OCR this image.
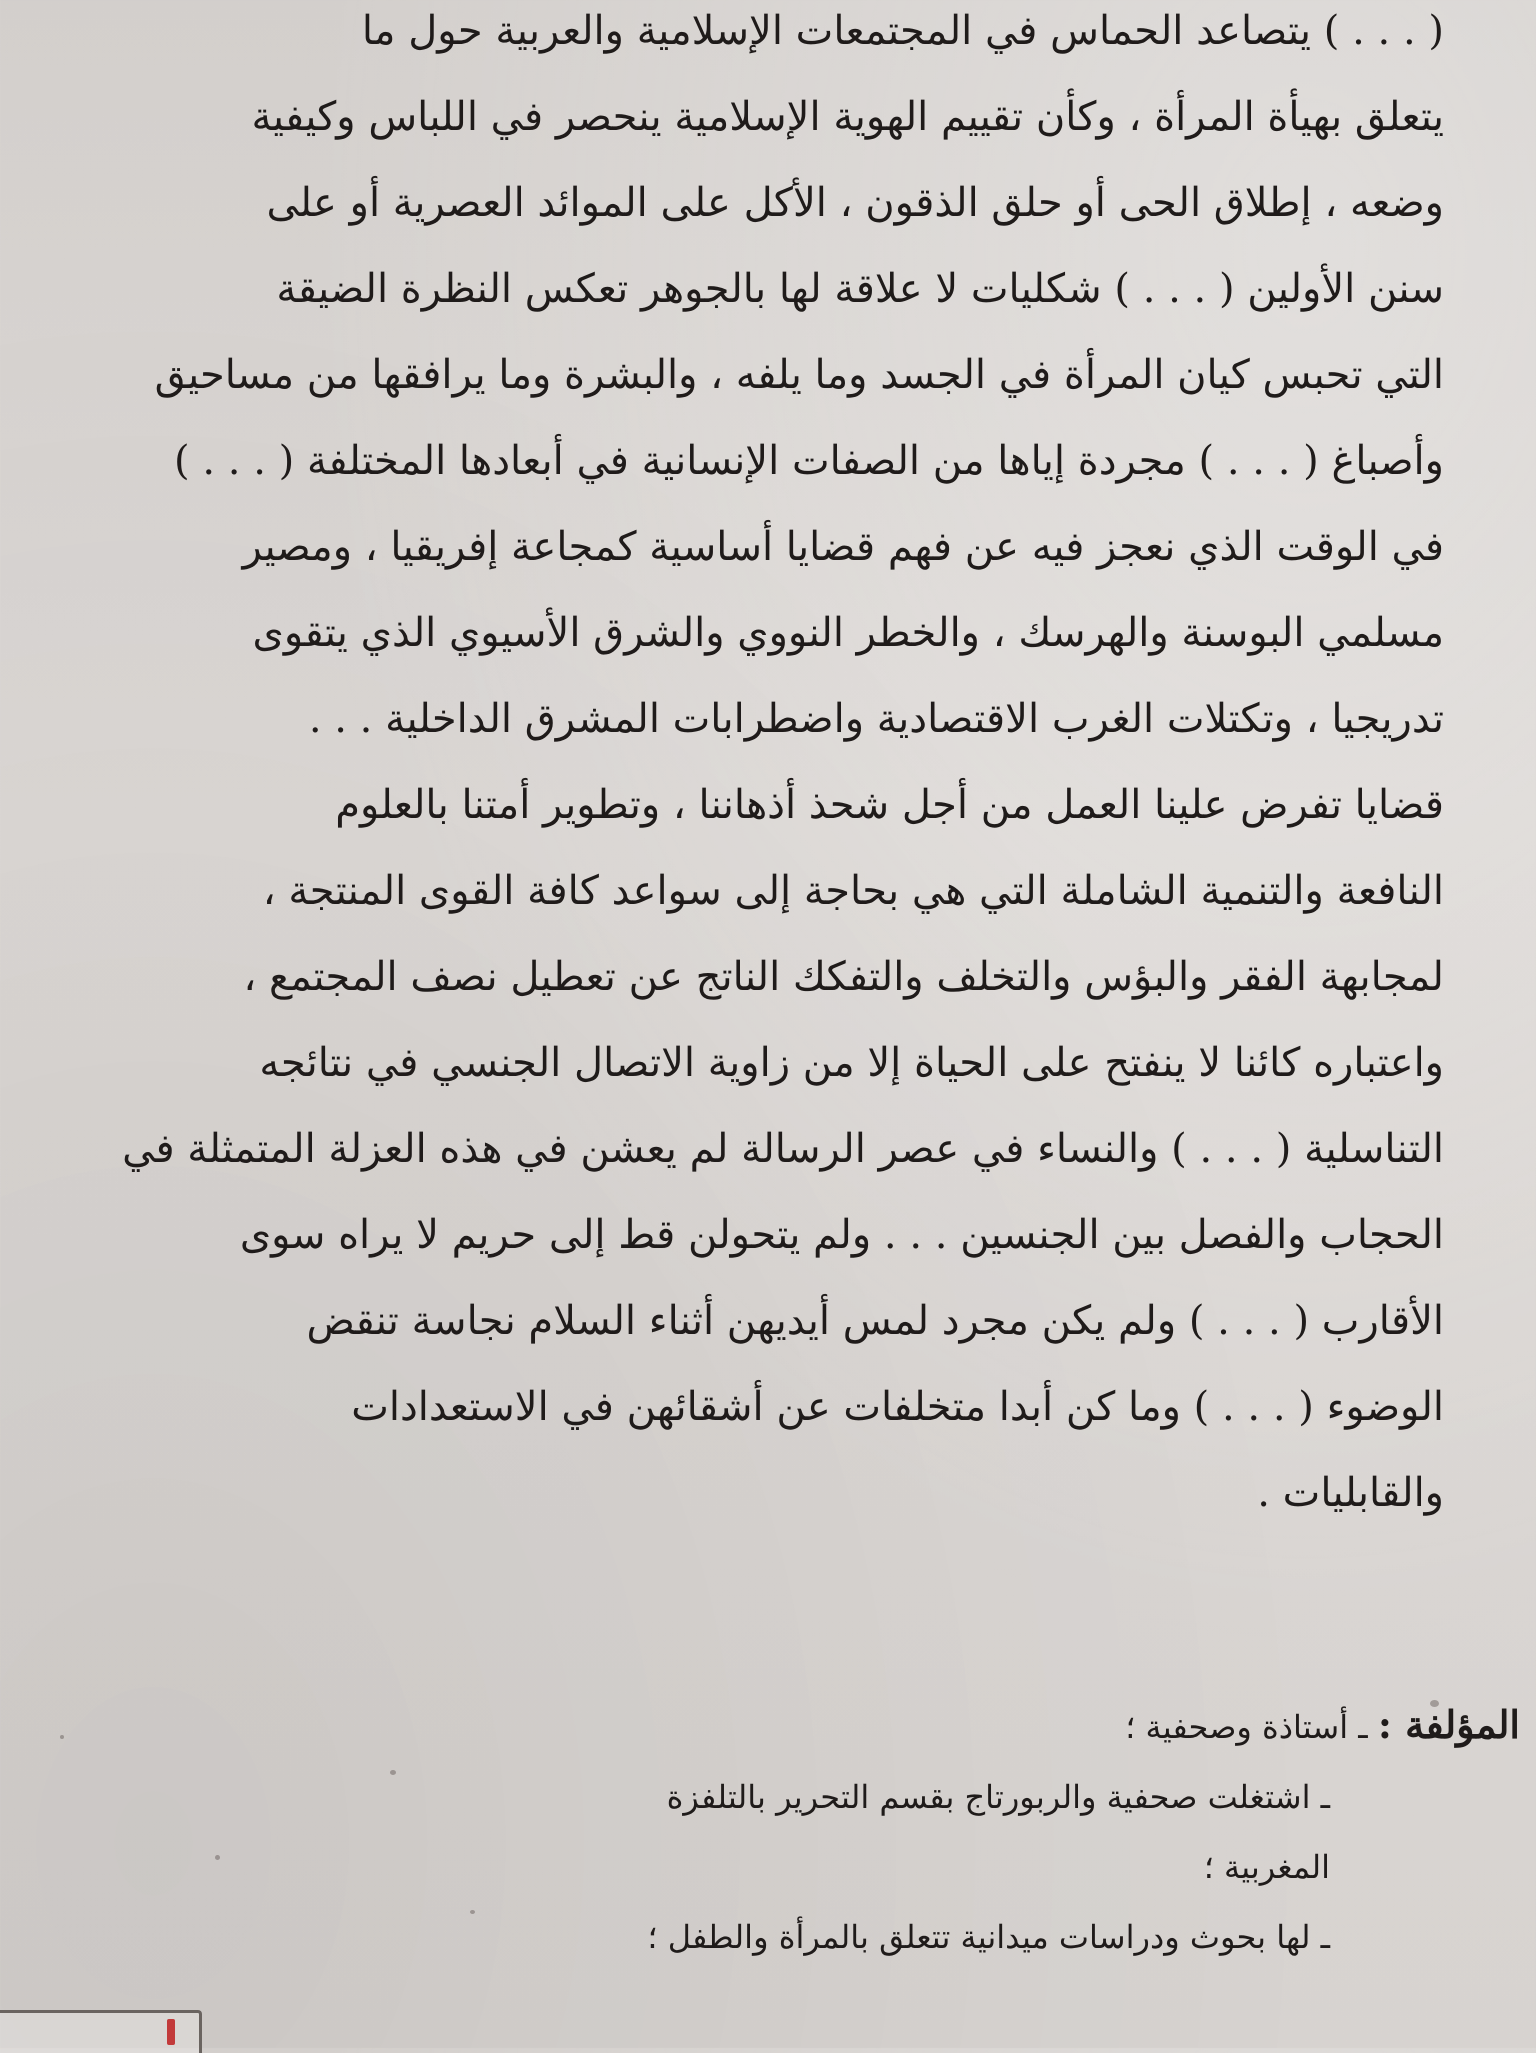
( . . . ) يتصاعد الحماس في المجتمعات الإسلامية والعربية حول ما
يتعلق بهيأة المرأة ، وكأن تقييم الهوية الإسلامية ينحصر في اللباس وكيفية
وضعه ، إطلاق الحى أو حلق الذقون ، الأكل على الموائد العصرية أو على
سنن الأولين ( . . . ) شكليات لا علاقة لها بالجوهر تعكس النظرة الضيقة
التي تحبس كيان المرأة في الجسد وما يلفه ، والبشرة وما يرافقها من مساحيق
وأصباغ ( . . . ) مجردة إياها من الصفات الإنسانية في أبعادها المختلفة ( . . . )
في الوقت الذي نعجز فيه عن فهم قضايا أساسية كمجاعة إفريقيا ، ومصير
مسلمي البوسنة والهرسك ، والخطر النووي والشرق الأسيوي الذي يتقوى
تدريجيا ، وتكتلات الغرب الاقتصادية واضطرابات المشرق الداخلية . . .
قضايا تفرض علينا العمل من أجل شحذ أذهاننا ، وتطوير أمتنا بالعلوم
النافعة والتنمية الشاملة التي هي بحاجة إلى سواعد كافة القوى المنتجة ،
لمجابهة الفقر والبؤس والتخلف والتفكك الناتج عن تعطيل نصف المجتمع ،
واعتباره كائنا لا ينفتح على الحياة إلا من زاوية الاتصال الجنسي في نتائجه
التناسلية ( . . . ) والنساء في عصر الرسالة لم يعشن في هذه العزلة المتمثلة في
الحجاب والفصل بين الجنسين . . . ولم يتحولن قط إلى حريم لا يراه سوى
الأقارب ( . . . ) ولم يكن مجرد لمس أيديهن أثناء السلام نجاسة تنقض
الوضوء ( . . . ) وما كن أبدا متخلفات عن أشقائهن في الاستعدادات
والقابليات .
المؤلفة : ـ أستاذة وصحفية ؛
ـ اشتغلت صحفية والربورتاج بقسم التحرير بالتلفزة
المغربية ؛
ـ لها بحوث ودراسات ميدانية تتعلق بالمرأة والطفل ؛
